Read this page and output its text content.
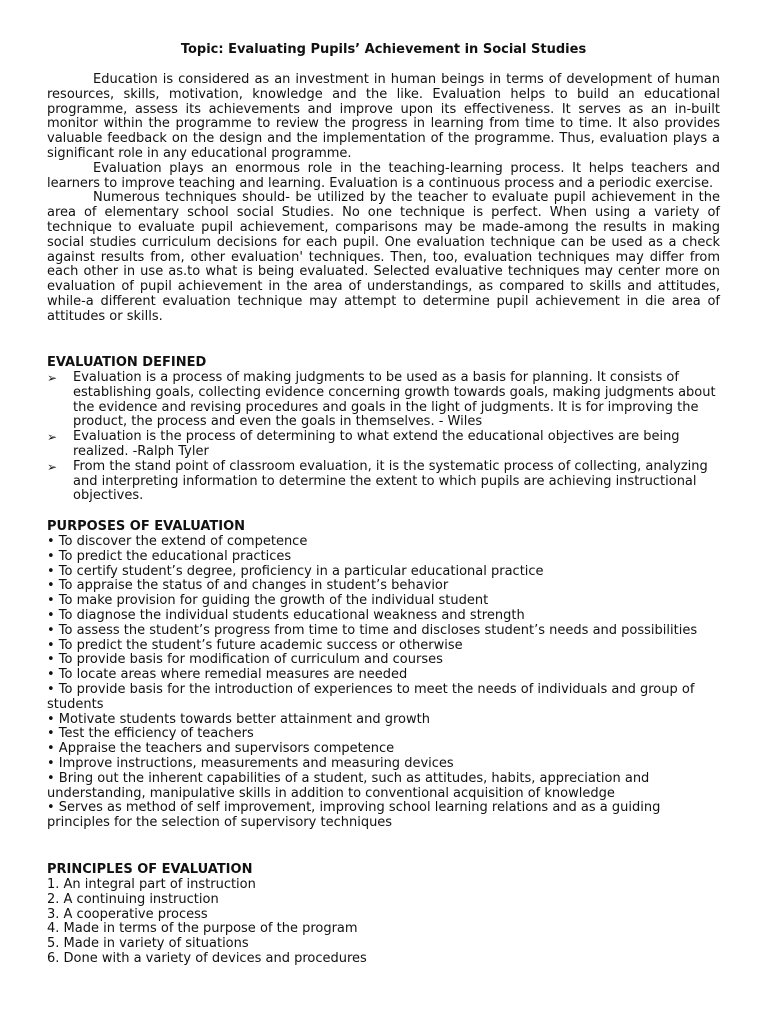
Topic: Evaluating Pupils’ Achievement in Social Studies

Education is considered as an investment in human beings in terms of development of human resources, skills, motivation, knowledge and the like. Evaluation helps to build an educational programme, assess its achievements and improve upon its effectiveness. It serves as an in-built monitor within the programme to review the progress in learning from time to time. It also provides valuable feedback on the design and the implementation of the programme. Thus, evaluation plays a significant role in any educational programme.

Evaluation plays an enormous role in the teaching-learning process. It helps teachers and learners to improve teaching and learning. Evaluation is a continuous process and a periodic exercise.

Numerous techniques should- be utilized by the teacher to evaluate pupil achievement in the area of elementary school social Studies. No one technique is perfect. When using a variety of technique to evaluate pupil achievement, comparisons may be made-among the results in making social studies curriculum decisions for each pupil. One evaluation technique can be used as a check against results from, other evaluation' techniques. Then, too, evaluation techniques may differ from each other in use as.to what is being evaluated. Selected evaluative techniques may center more on evaluation of pupil achievement in the area of understandings, as compared to skills and attitudes, while-a different evaluation technique may attempt to determine pupil achievement in die area of attitudes or skills.

EVALUATION DEFINED
➢ Evaluation is a process of making judgments to be used as a basis for planning. It consists of establishing goals, collecting evidence concerning growth towards goals, making judgments about the evidence and revising procedures and goals in the light of judgments. It is for improving the product, the process and even the goals in themselves. - Wiles
➢ Evaluation is the process of determining to what extend the educational objectives are being realized. -Ralph Tyler
➢ From the stand point of classroom evaluation, it is the systematic process of collecting, analyzing and interpreting information to determine the extent to which pupils are achieving instructional objectives.
PURPOSES OF EVALUATION
• To discover the extend of competence
• To predict the educational practices
• To certify student’s degree, proficiency in a particular educational practice
• To appraise the status of and changes in student’s behavior
• To make provision for guiding the growth of the individual student
• To diagnose the individual students educational weakness and strength
• To assess the student’s progress from time to time and discloses student’s needs and possibilities
• To predict the student’s future academic success or otherwise
• To provide basis for modification of curriculum and courses
• To locate areas where remedial measures are needed
• To provide basis for the introduction of experiences to meet the needs of individuals and group of students
• Motivate students towards better attainment and growth
• Test the efficiency of teachers
• Appraise the teachers and supervisors competence
• Improve instructions, measurements and measuring devices
• Bring out the inherent capabilities of a student, such as attitudes, habits, appreciation and understanding, manipulative skills in addition to conventional acquisition of knowledge
• Serves as method of self improvement, improving school learning relations and as a guiding principles for the selection of supervisory techniques
PRINCIPLES OF EVALUATION
1. An integral part of instruction
2. A continuing instruction
3. A cooperative process
4. Made in terms of the purpose of the program
5. Made in variety of situations
6. Done with a variety of devices and procedures
